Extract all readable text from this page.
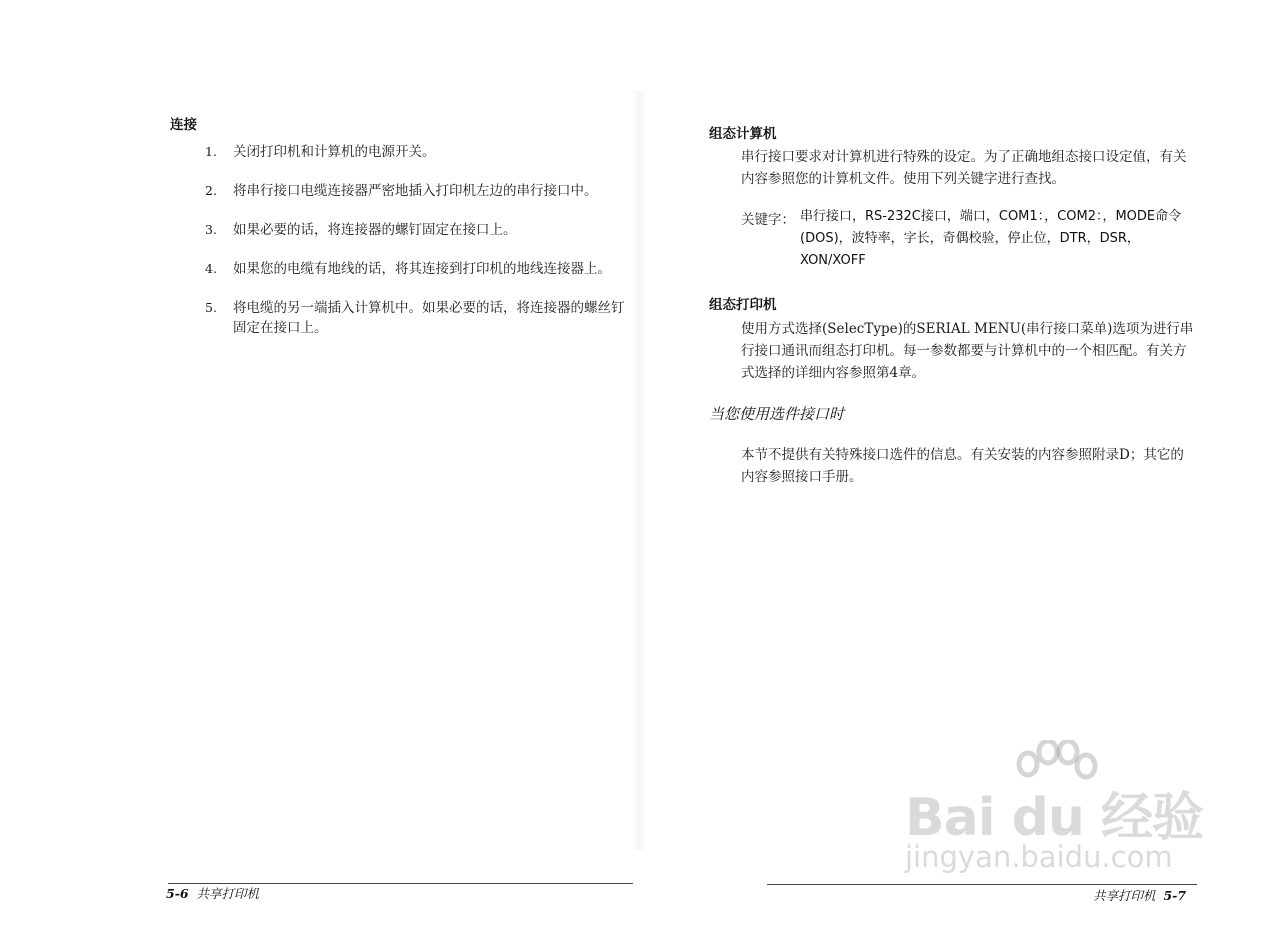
连接
1.	关闭打印机和计算机的电源开关。
2.	将串行接口电缆连接器严密地插入打印机左边的串行接口中。
3.	如果必要的话，将连接器的螺钉固定在接口上。
4.	如果您的电缆有地线的话，将其连接到打印机的地线连接器上。
5.	将电缆的另一端插入计算机中。如果必要的话，将连接器的螺丝钉固定在接口上。
5-6 共享打印机
组态计算机
串行接口要求对计算机进行特殊的设定。为了正确地组态接口设定值，有关内容参照您的计算机文件。使用下列关键字进行查找。
关键字： 串行接口，RS-232C接口，端口，COM1：，COM2：，MODE命令(DOS)，波特率，字长，奇偶校验，停止位，DTR，DSR，XON/XOFF
组态打印机
使用方式选择(SelecType)的SERIAL MENU(串行接口菜单)选项为进行串行接口通讯而组态打印机。每一参数都要与计算机中的一个相匹配。有关方式选择的详细内容参照第4章。
当您使用选件接口时
本节不提供有关特殊接口选件的信息。有关安装的内容参照附录D；其它的内容参照接口手册。
共享打印机 5-7
Bai du 经验
jingyan.baidu.com
